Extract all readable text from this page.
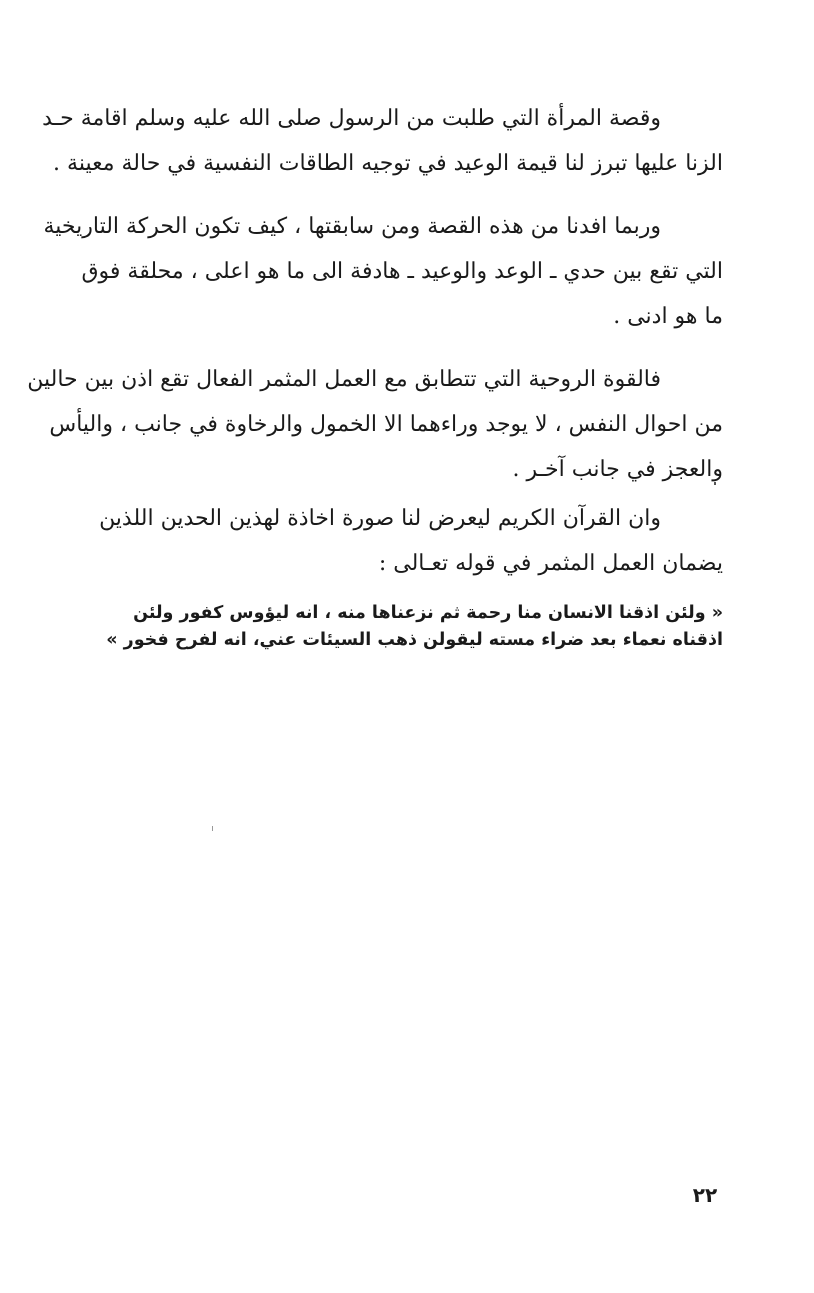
وقصة المرأة التي طلبت من الرسول صلى الله عليه وسلم اقامة حـد
الزنا عليها تبرز لنا قيمة الوعيد في توجيه الطاقات النفسية في حالة معينة .

وربما افدنا من هذه القصة ومن سابقتها ، كيف تكون الحركة التاريخية
التي تقع بين حدي ـ الوعد والوعيد ـ هادفة الى ما هو اعلى ، محلقة فوق
ما هو ادنى .

فالقوة الروحية التي تتطابق مع العمل المثمر الفعال تقع اذن بين حالين
من احوال النفس ، لا يوجد وراءهما الا الخمول والرخاوة في جانب ، واليأس
والعجز في جانب آخـر .

وان القرآن الكريم ليعرض لنا صورة اخاذة لهذين الحدين اللذين
يضمان العمل المثمر في قوله تعـالى :

« ولئن اذقنا الانسان منا رحمة ثم نزعناها منه ، انه ليؤوس كفور ولئن
اذقناه نعماء بعد ضراء مسته ليقولن ذهب السيئات عني، انه لفرح فخور »

٢٢
